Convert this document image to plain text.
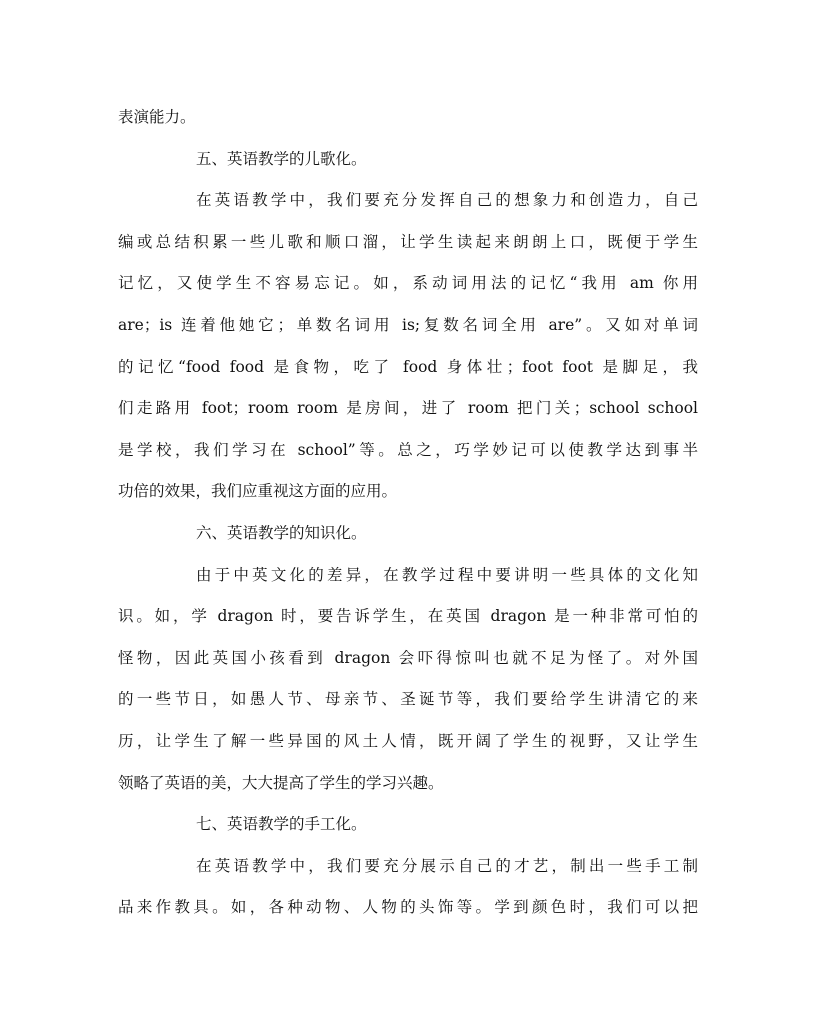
表演能力。
五、英语教学的儿歌化。
在英语教学中，我们要充分发挥自己的想象力和创造力，自己
编或总结积累一些儿歌和顺口溜，让学生读起来朗朗上口，既便于学生
记忆，又使学生不容易忘记。如，系动词用法的记忆“我用 am 你用
are；is 连着他她它；单数名词用 is;复数名词全用 are”。又如对单词
的记忆“food food 是食物，吃了 food 身体壮；foot foot 是脚足，我
们走路用 foot；room room 是房间，进了 room 把门关；school school
是学校，我们学习在 school”等。总之，巧学妙记可以使教学达到事半
功倍的效果，我们应重视这方面的应用。
六、英语教学的知识化。
由于中英文化的差异，在教学过程中要讲明一些具体的文化知
识。如，学 dragon 时，要告诉学生，在英国 dragon 是一种非常可怕的
怪物，因此英国小孩看到 dragon 会吓得惊叫也就不足为怪了。对外国
的一些节日，如愚人节、母亲节、圣诞节等，我们要给学生讲清它的来
历，让学生了解一些异国的风土人情，既开阔了学生的视野，又让学生
领略了英语的美，大大提高了学生的学习兴趣。
七、英语教学的手工化。
在英语教学中，我们要充分展示自己的才艺，制出一些手工制
品来作教具。如，各种动物、人物的头饰等。学到颜色时，我们可以把
